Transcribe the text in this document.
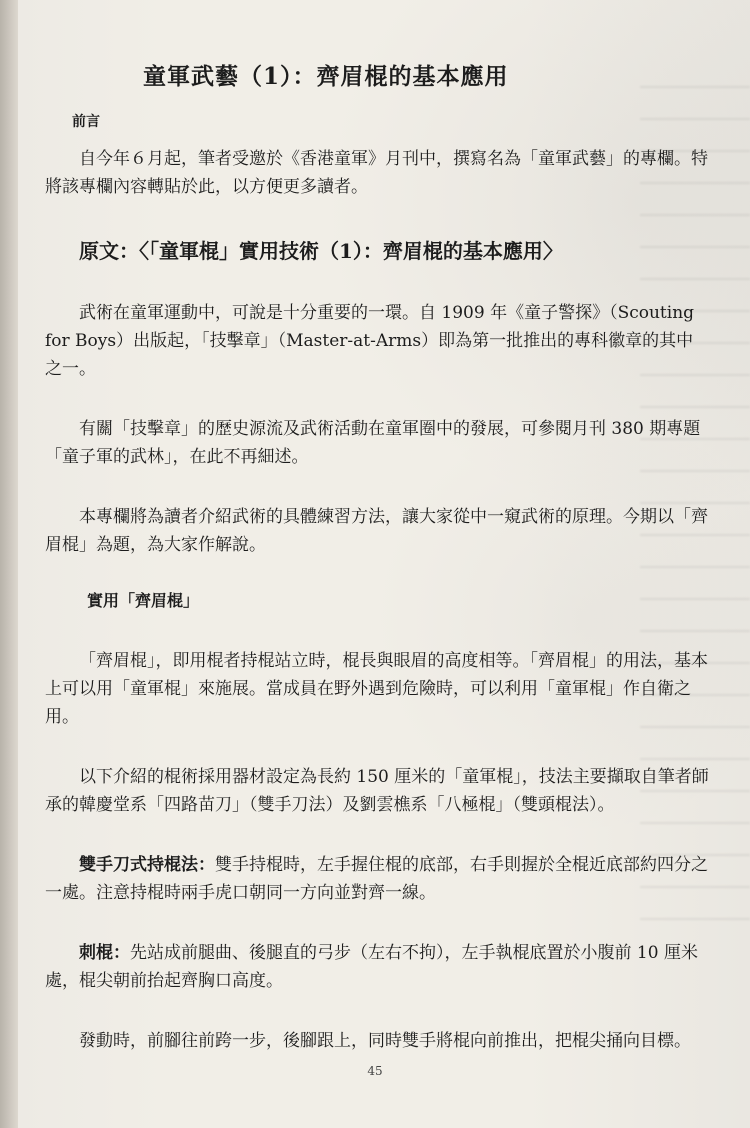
童軍武藝（1）：齊眉棍的基本應用
前言

自今年６月起，筆者受邀於《香港童軍》月刊中，撰寫名為「童軍武藝」的專欄。特將該專欄內容轉貼於此，以方便更多讀者。

原文：〈「童軍棍」實用技術（1）：齊眉棍的基本應用〉

武術在童軍運動中，可說是十分重要的一環。自 1909 年《童子警探》（Scouting for Boys）出版起，「技擊章」（Master-at-Arms）即為第一批推出的專科徽章的其中之一。

有關「技擊章」的歷史源流及武術活動在童軍圈中的發展，可參閱月刊 380 期專題「童子軍的武林」，在此不再細述。

本專欄將為讀者介紹武術的具體練習方法，讓大家從中一窺武術的原理。今期以「齊眉棍」為題，為大家作解說。

實用「齊眉棍」

「齊眉棍」，即用棍者持棍站立時，棍長與眼眉的高度相等。「齊眉棍」的用法，基本上可以用「童軍棍」來施展。當成員在野外遇到危險時，可以利用「童軍棍」作自衛之用。

以下介紹的棍術採用器材設定為長約 150 厘米的「童軍棍」，技法主要擷取自筆者師承的韓慶堂系「四路苗刀」（雙手刀法）及劉雲樵系「八極棍」（雙頭棍法）。

雙手刀式持棍法：雙手持棍時，左手握住棍的底部，右手則握於全棍近底部約四分之一處。注意持棍時兩手虎口朝同一方向並對齊一線。

刺棍：先站成前腿曲、後腿直的弓步（左右不拘），左手執棍底置於小腹前 10 厘米處，棍尖朝前抬起齊胸口高度。

發動時，前腳往前跨一步，後腳跟上，同時雙手將棍向前推出，把棍尖捅向目標。

45
